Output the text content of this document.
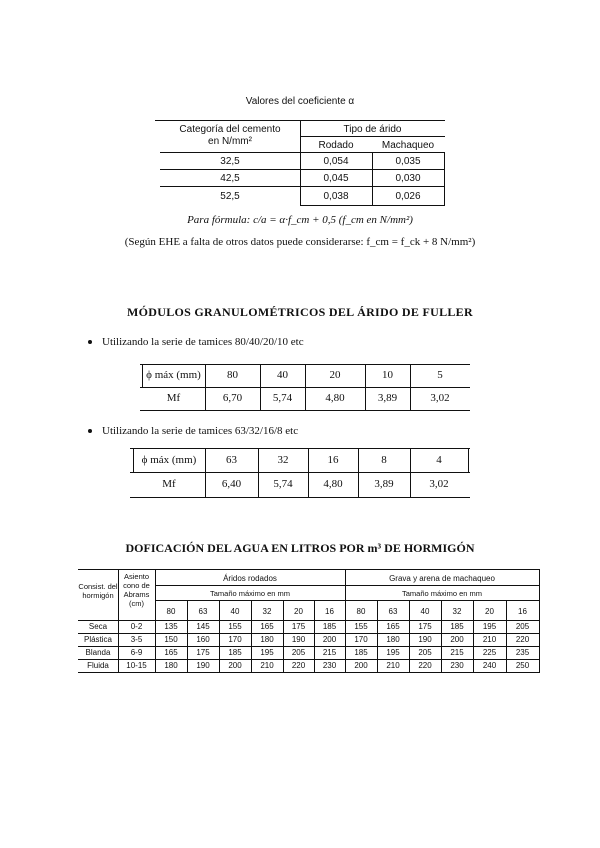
Valores del coeficiente α
Categoría del cemento
en N/mm²
Tipo de árido
Rodado	Machaqueo
32,5	0,054	0,035
42,5	0,045	0,030
52,5	0,038	0,026
Para fórmula: c/a = α·f_cm + 0,5 (f_cm en N/mm²)
(Según EHE a falta de otros datos puede considerarse: f_cm = f_ck + 8 N/mm²)
MÓDULOS GRANULOMÉTRICOS DEL ÁRIDO DE FULLER
Utilizando la serie de tamices 80/40/20/10 etc
ϕ máx (mm)	80	40	20	10	5
Mf	6,70	5,74	4,80	3,89	3,02
Utilizando la serie de tamices 63/32/16/8 etc
ϕ máx (mm)	63	32	16	8	4
Mf	6,40	5,74	4,80	3,89	3,02
DOFICACIÓN DEL AGUA EN LITROS POR m³ DE HORMIGÓN
Consist. del hormigón
Asiento cono de Abrams (cm)
Áridos rodados	Grava y arena de machaqueo
Tamaño máximo en mm	Tamaño máximo en mm
80	63	40	32	20	16	80	63	40	32	20	16
Seca	0-2	135	145	155	165	175	185	155	165	175	185	195	205
Plástica	3-5	150	160	170	180	190	200	170	180	190	200	210	220
Blanda	6-9	165	175	185	195	205	215	185	195	205	215	225	235
Fluida	10-15	180	190	200	210	220	230	200	210	220	230	240	250
